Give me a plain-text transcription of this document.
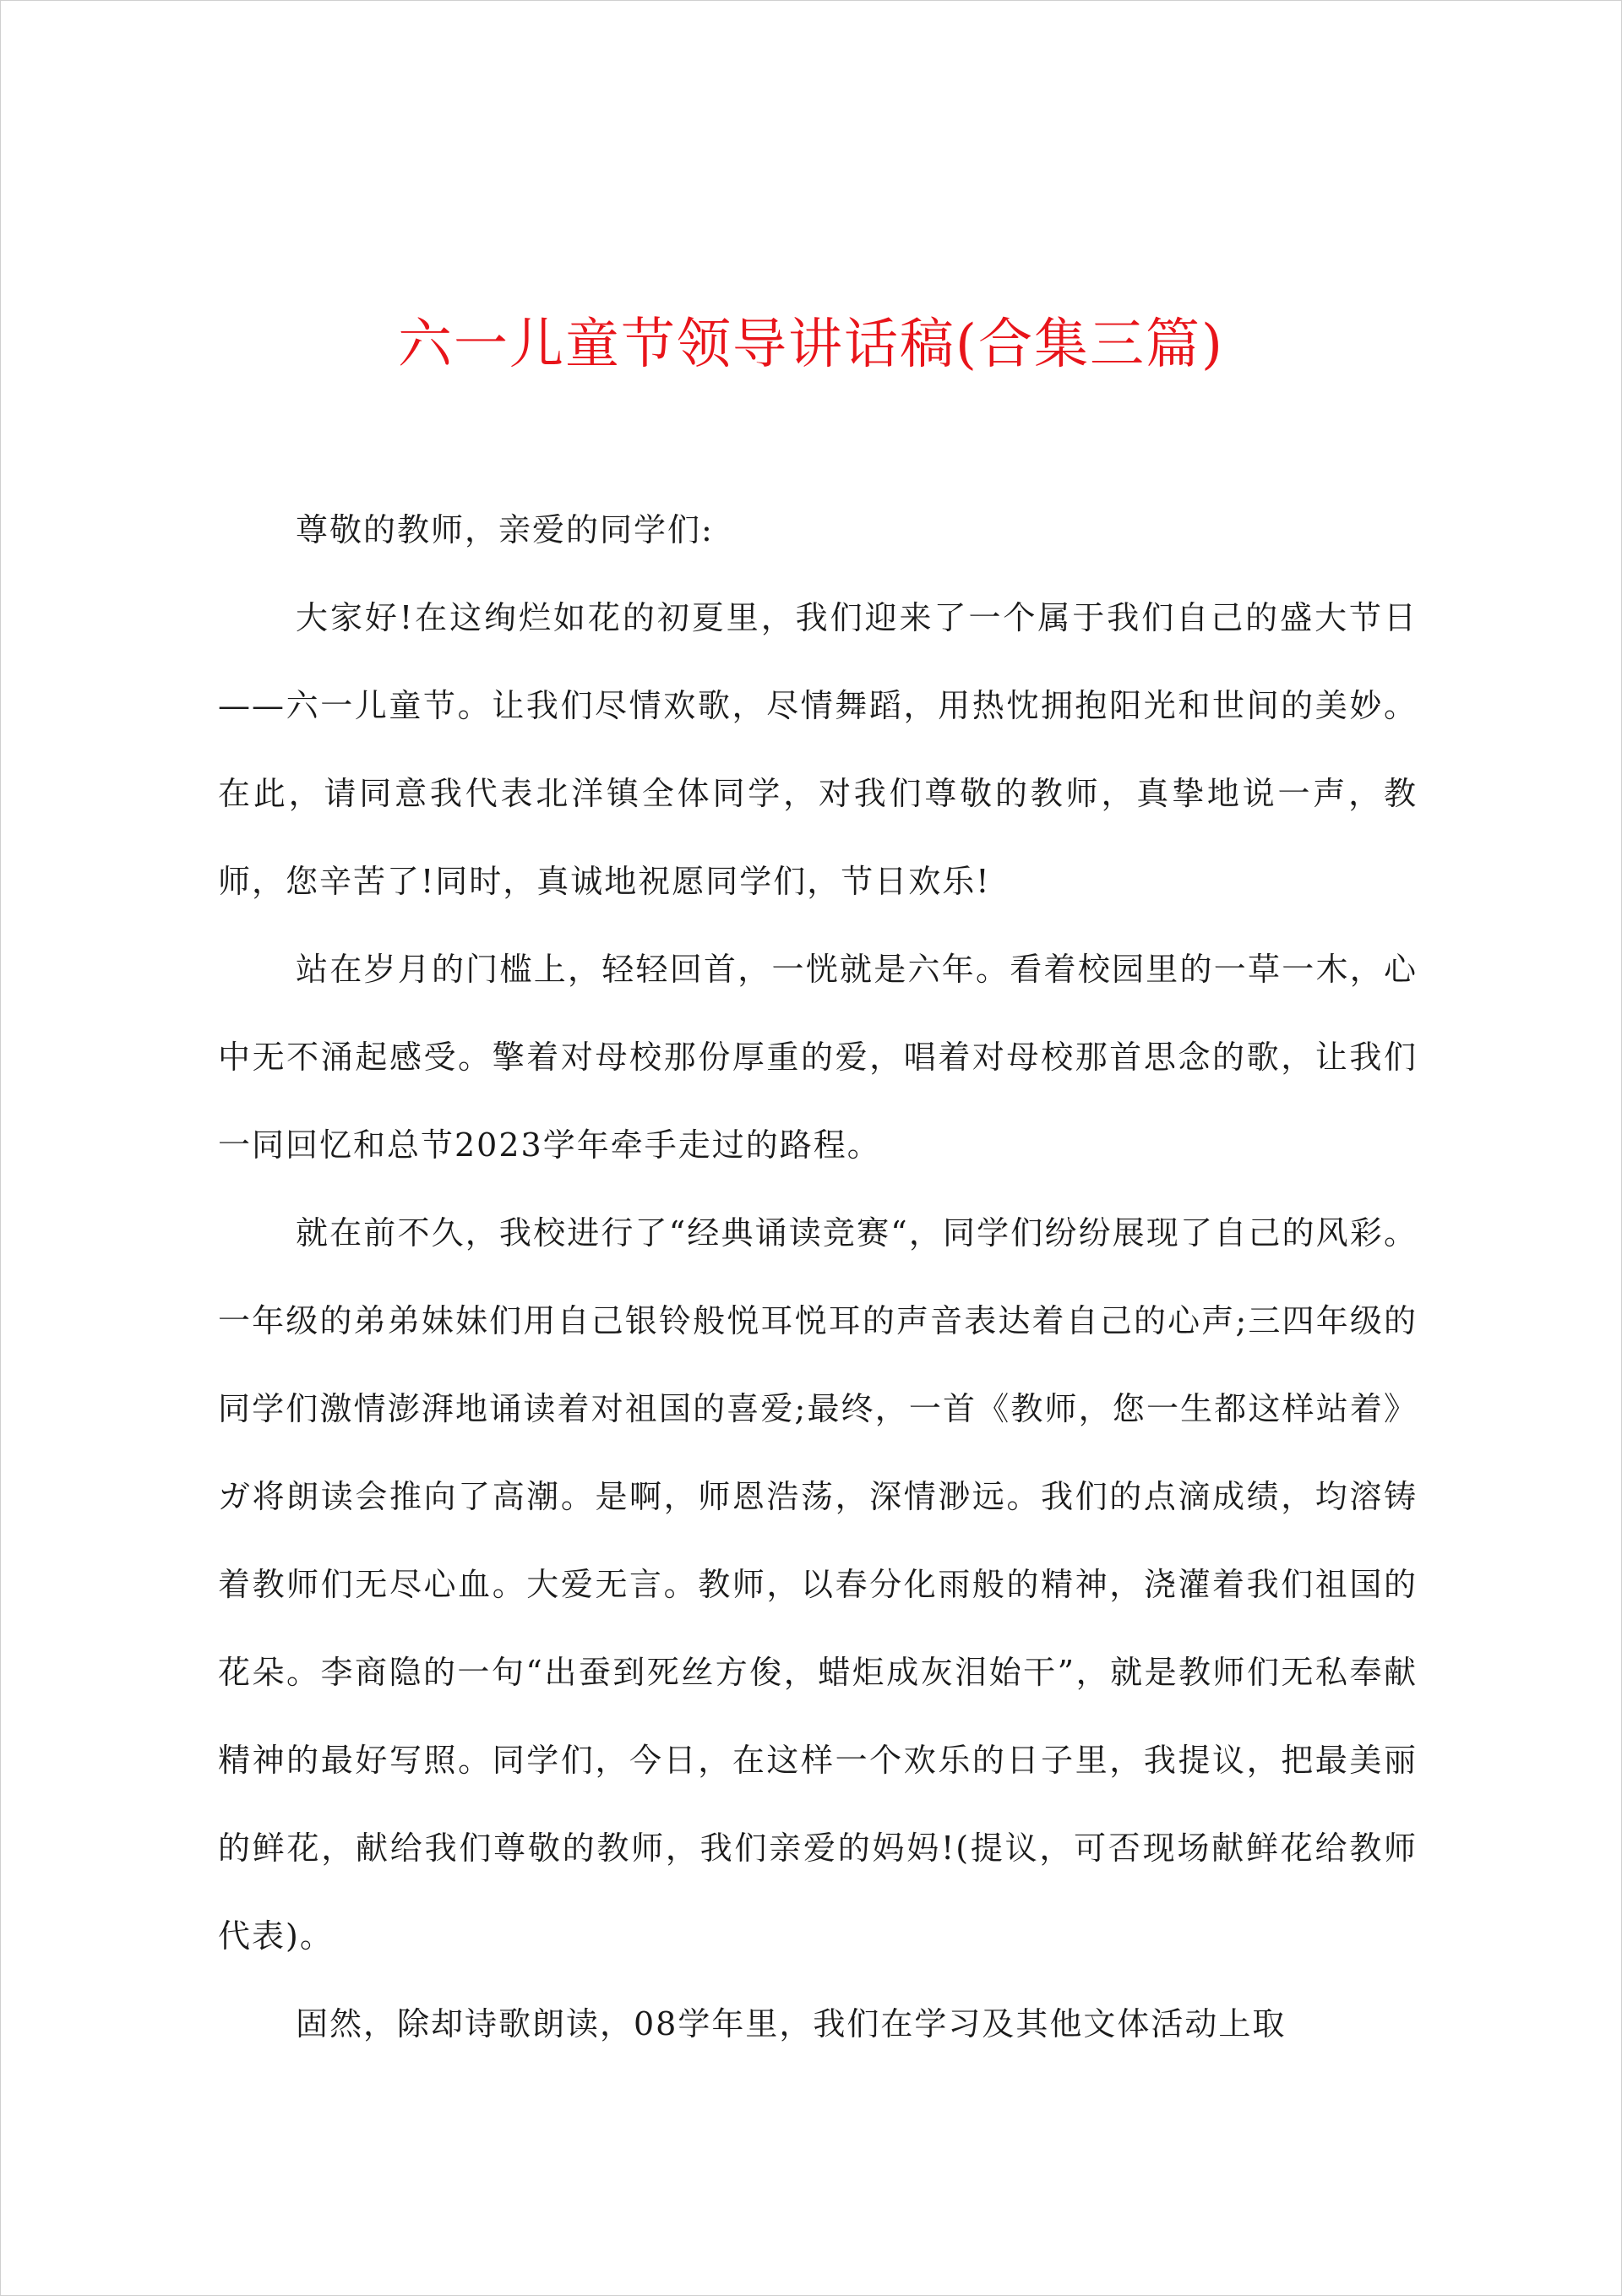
六一儿童节领导讲话稿(合集三篇)

尊敬的教师，亲爱的同学们:

大家好!在这绚烂如花的初夏里，我们迎来了一个属于我们自己的盛大节日——六一儿童节。让我们尽情欢歌，尽情舞蹈，用热忱拥抱阳光和世间的美妙。在此，请同意我代表北洋镇全体同学，对我们尊敬的教师，真挚地说一声，教师，您辛苦了!同时，真诚地祝愿同学们，节日欢乐!

站在岁月的门槛上，轻轻回首，一恍就是六年。看着校园里的一草一木，心中无不涌起感受。擎着对母校那份厚重的爱，唱着对母校那首思念的歌，让我们一同回忆和总节2023学年牵手走过的路程。

就在前不久，我校进行了“经典诵读竞赛“，同学们纷纷展现了自己的风彩。一年级的弟弟妹妹们用自己银铃般悦耳悦耳的声音表达着自己的心声;三四年级的同学们激情澎湃地诵读着对祖国的喜爱;最终，一首《教师，您一生都这样站着》ガ将朗读会推向了高潮。是啊，师恩浩荡，深情渺远。我们的点滴成绩，均溶铸着教师们无尽心血。大爱无言。教师，以春分化雨般的精神，浇灌着我们祖国的花朵。李商隐的一句“出蚕到死丝方俊，蜡炬成灰泪始干”，就是教师们无私奉献精神的最好写照。同学们，今日，在这样一个欢乐的日子里，我提议，把最美丽的鲜花，献给我们尊敬的教师，我们亲爱的妈妈!(提议，可否现场献鲜花给教师代表)。

固然，除却诗歌朗读，08学年里，我们在学习及其他文体活动上取
